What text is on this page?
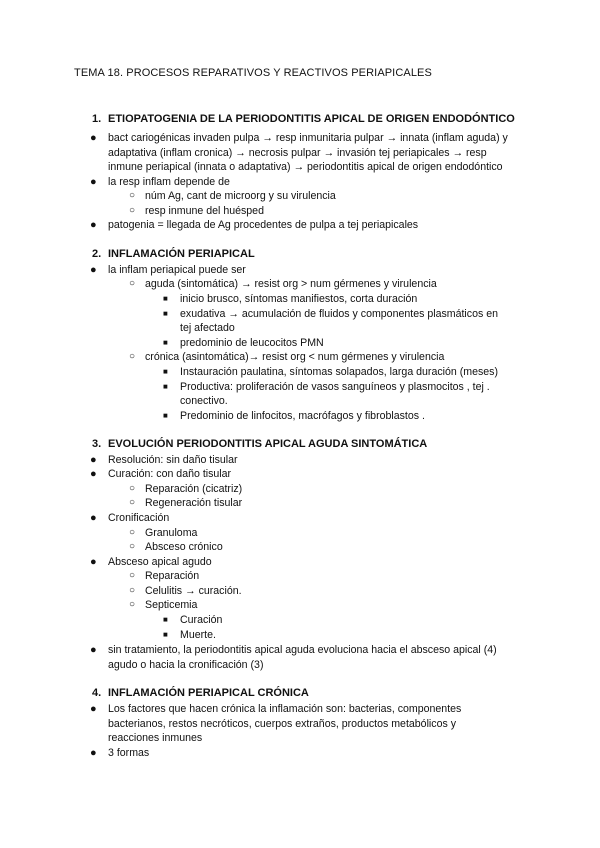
TEMA 18. PROCESOS REPARATIVOS Y REACTIVOS PERIAPICALES
1. ETIOPATOGENIA DE LA PERIODONTITIS APICAL DE ORIGEN ENDODÓNTICO
● bact cariogénicas invaden pulpa → resp inmunitaria pulpar → innata (inflam aguda) y
adaptativa (inflam cronica) → necrosis pulpar → invasión tej periapicales → resp
inmune periapical (innata o adaptativa) → periodontitis apical de origen endodóntico
● la resp inflam depende de
○ núm Ag, cant de microorg y su virulencia
○ resp inmune del huésped
● patogenia = llegada de Ag procedentes de pulpa a tej periapicales
2. INFLAMACIÓN PERIAPICAL
● la inflam periapical puede ser
○ aguda (sintomática) → resist org > num gérmenes y virulencia
■ inicio brusco, síntomas manifiestos, corta duración
■ exudativa → acumulación de fluidos y componentes plasmáticos en
tej afectado
■ predominio de leucocitos PMN
○ crónica (asintomática)→ resist org < num gérmenes y virulencia
■ Instauración paulatina, síntomas solapados, larga duración (meses)
■ Productiva: proliferación de vasos sanguíneos y plasmocitos , tej .
conectivo.
■ Predominio de linfocitos, macrófagos y fibroblastos .
3. EVOLUCIÓN PERIODONTITIS APICAL AGUDA SINTOMÁTICA
● Resolución: sin daño tisular
● Curación: con daño tisular
○ Reparación (cicatriz)
○ Regeneración tisular
● Cronificación
○ Granuloma
○ Absceso crónico
● Absceso apical agudo
○ Reparación
○ Celulitis → curación.
○ Septicemia
■ Curación
■ Muerte.
● sin tratamiento, la periodontitis apical aguda evoluciona hacia el absceso apical (4)
agudo o hacia la cronificación (3)
4. INFLAMACIÓN PERIAPICAL CRÓNICA
● Los factores que hacen crónica la inflamación son: bacterias, componentes
bacterianos, restos necróticos, cuerpos extraños, productos metabólicos y
reacciones inmunes
● 3 formas
